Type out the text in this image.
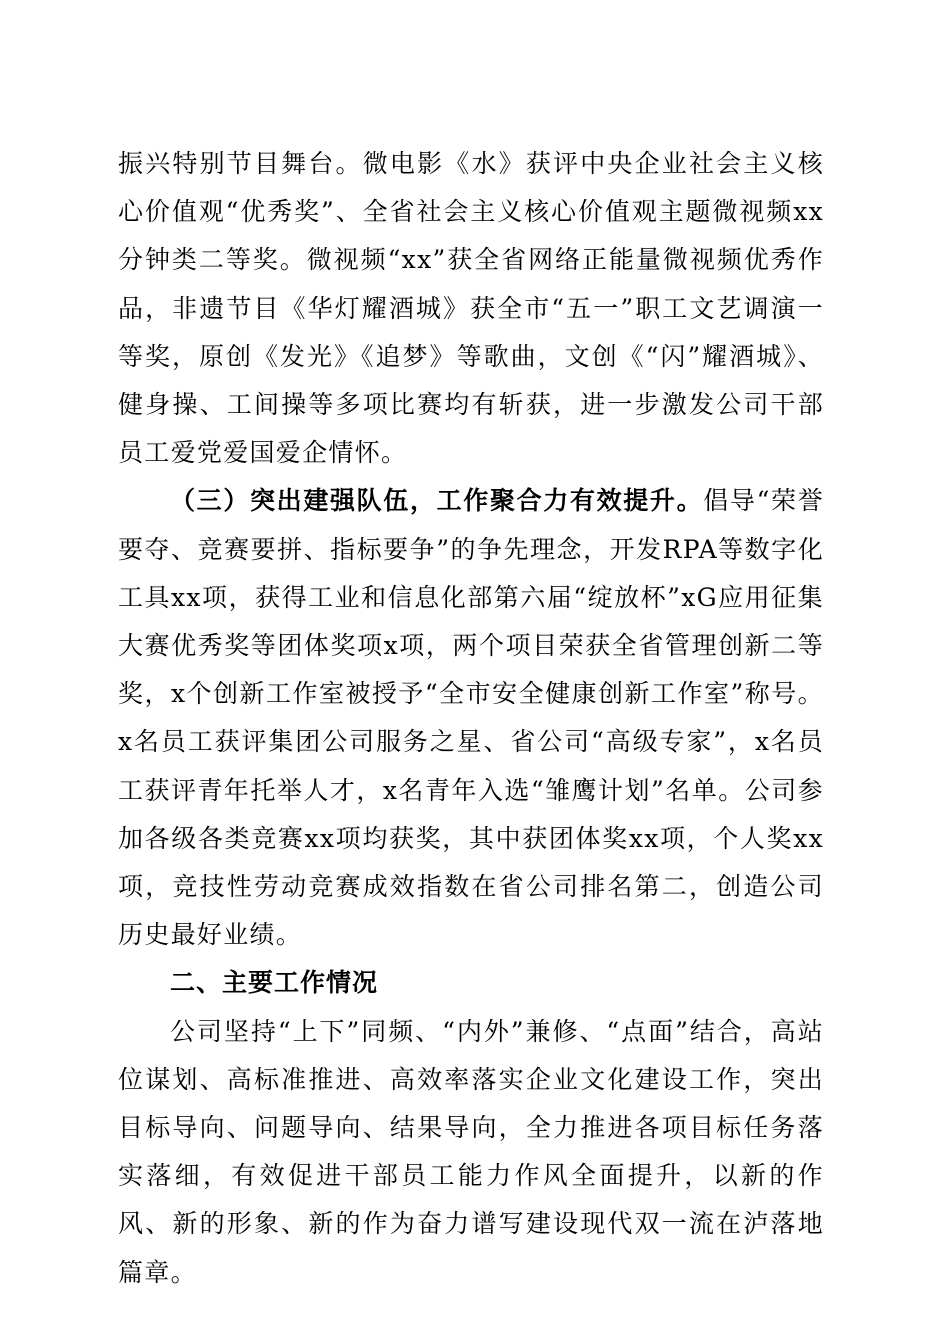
振兴特别节目舞台。微电影《水》获评中央企业社会主义核心价值观“优秀奖”、全省社会主义核心价值观主题微视频xx分钟类二等奖。微视频“xx”获全省网络正能量微视频优秀作品，非遗节目《华灯耀酒城》获全市“五一”职工文艺调演一等奖，原创《发光》《追梦》等歌曲，文创《“闪”耀酒城》、健身操、工间操等多项比赛均有斩获，进一步激发公司干部员工爱党爱国爱企情怀。

（三）突出建强队伍，工作聚合力有效提升。倡导“荣誉要夺、竞赛要拼、指标要争”的争先理念，开发RPA等数字化工具xx项，获得工业和信息化部第六届“绽放杯”xG应用征集大赛优秀奖等团体奖项x项，两个项目荣获全省管理创新二等奖，x个创新工作室被授予“全市安全健康创新工作室”称号。x名员工获评集团公司服务之星、省公司“高级专家”，x名员工获评青年托举人才，x名青年入选“雏鹰计划”名单。公司参加各级各类竞赛xx项均获奖，其中获团体奖xx项，个人奖xx项，竞技性劳动竞赛成效指数在省公司排名第二，创造公司历史最好业绩。

二、主要工作情况

公司坚持“上下”同频、“内外”兼修、“点面”结合，高站位谋划、高标准推进、高效率落实企业文化建设工作，突出目标导向、问题导向、结果导向，全力推进各项目标任务落实落细，有效促进干部员工能力作风全面提升，以新的作风、新的形象、新的作为奋力谱写建设现代双一流在泸落地篇章。
